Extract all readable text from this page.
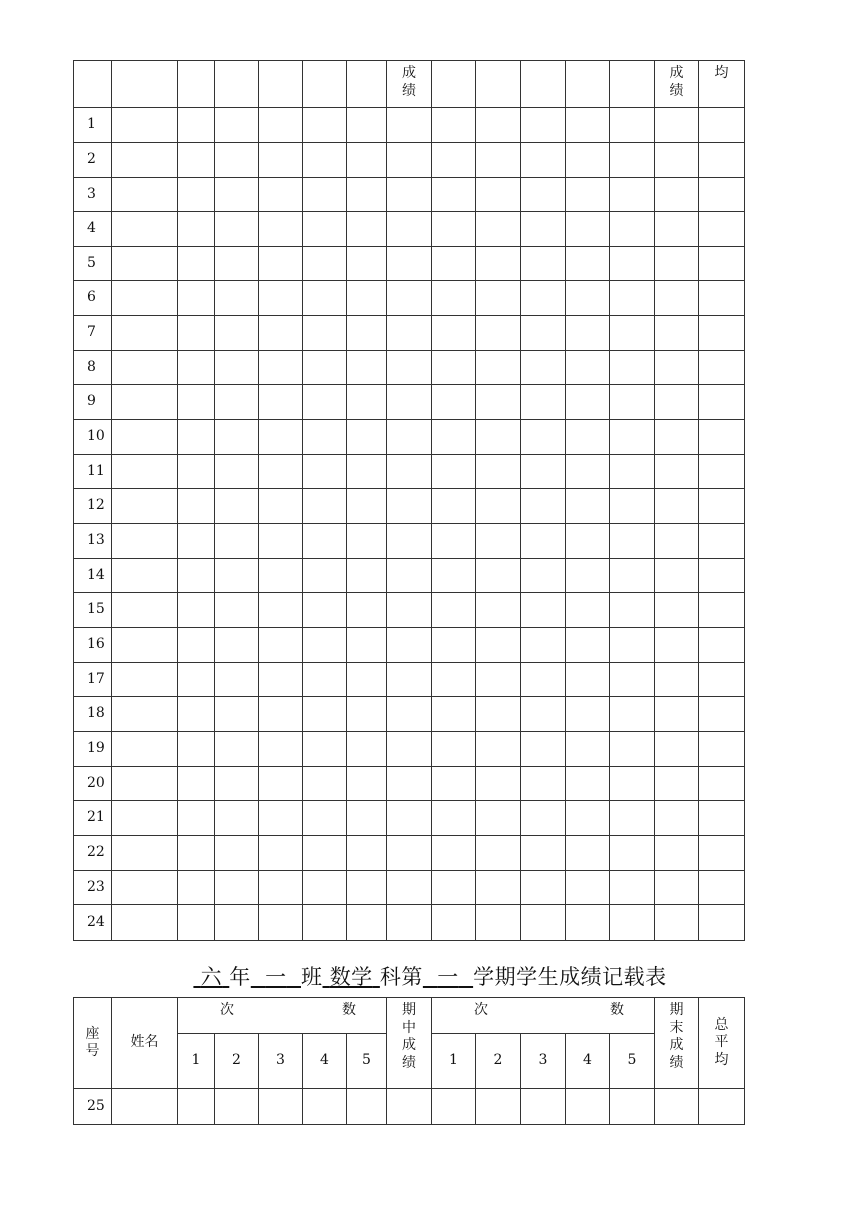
							成绩						成绩	均
1														
2														
3														
4														
5														
6														
7														
8														
9														
10														
11														
12														
13														
14														
15														
16														
17														
18														
19														
20														
21														
22														
23														
24														
六 年 一 班 数学 科第 一 学期学生成绩记载表
座号	姓名	次 数					期中成绩	次 数					期末成绩	总平均
		1	2	3	4	5		1	2	3	4	5		
25														
